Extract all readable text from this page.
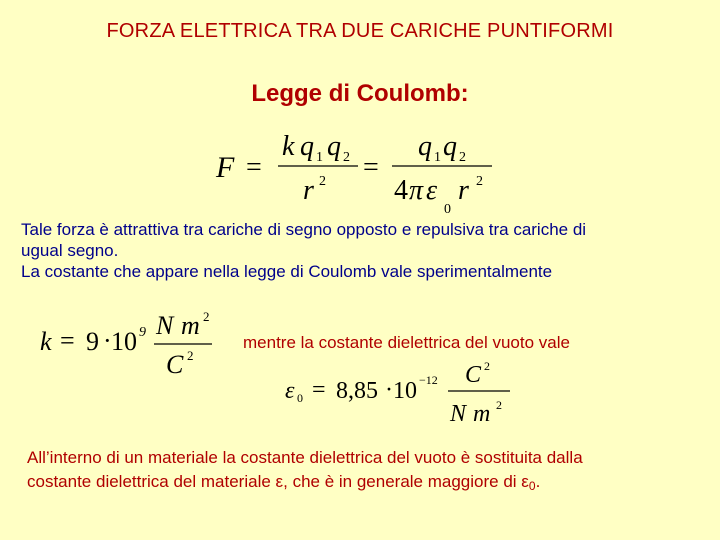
FORZA ELETTRICA TRA DUE CARICHE PUNTIFORMI
Legge di Coulomb:
F =
k q 1 q 2
r 2 =
q 1 q 2
4 π ε
0
r 2
Tale forza è attrattiva tra cariche di segno opposto e repulsiva tra cariche di
ugual segno.
La costante che appare nella legge di Coulomb vale sperimentalmente
k = 9 · 10 9 N m 2
C 2
mentre la costante dielettrica del vuoto vale
ε 0 = 8,85 · 10 −12 C 2
N m 2
All’interno di un materiale la costante dielettrica del vuoto è sostituita dalla
costante dielettrica del materiale ε, che è in generale maggiore di $\varepsilon_0$.
